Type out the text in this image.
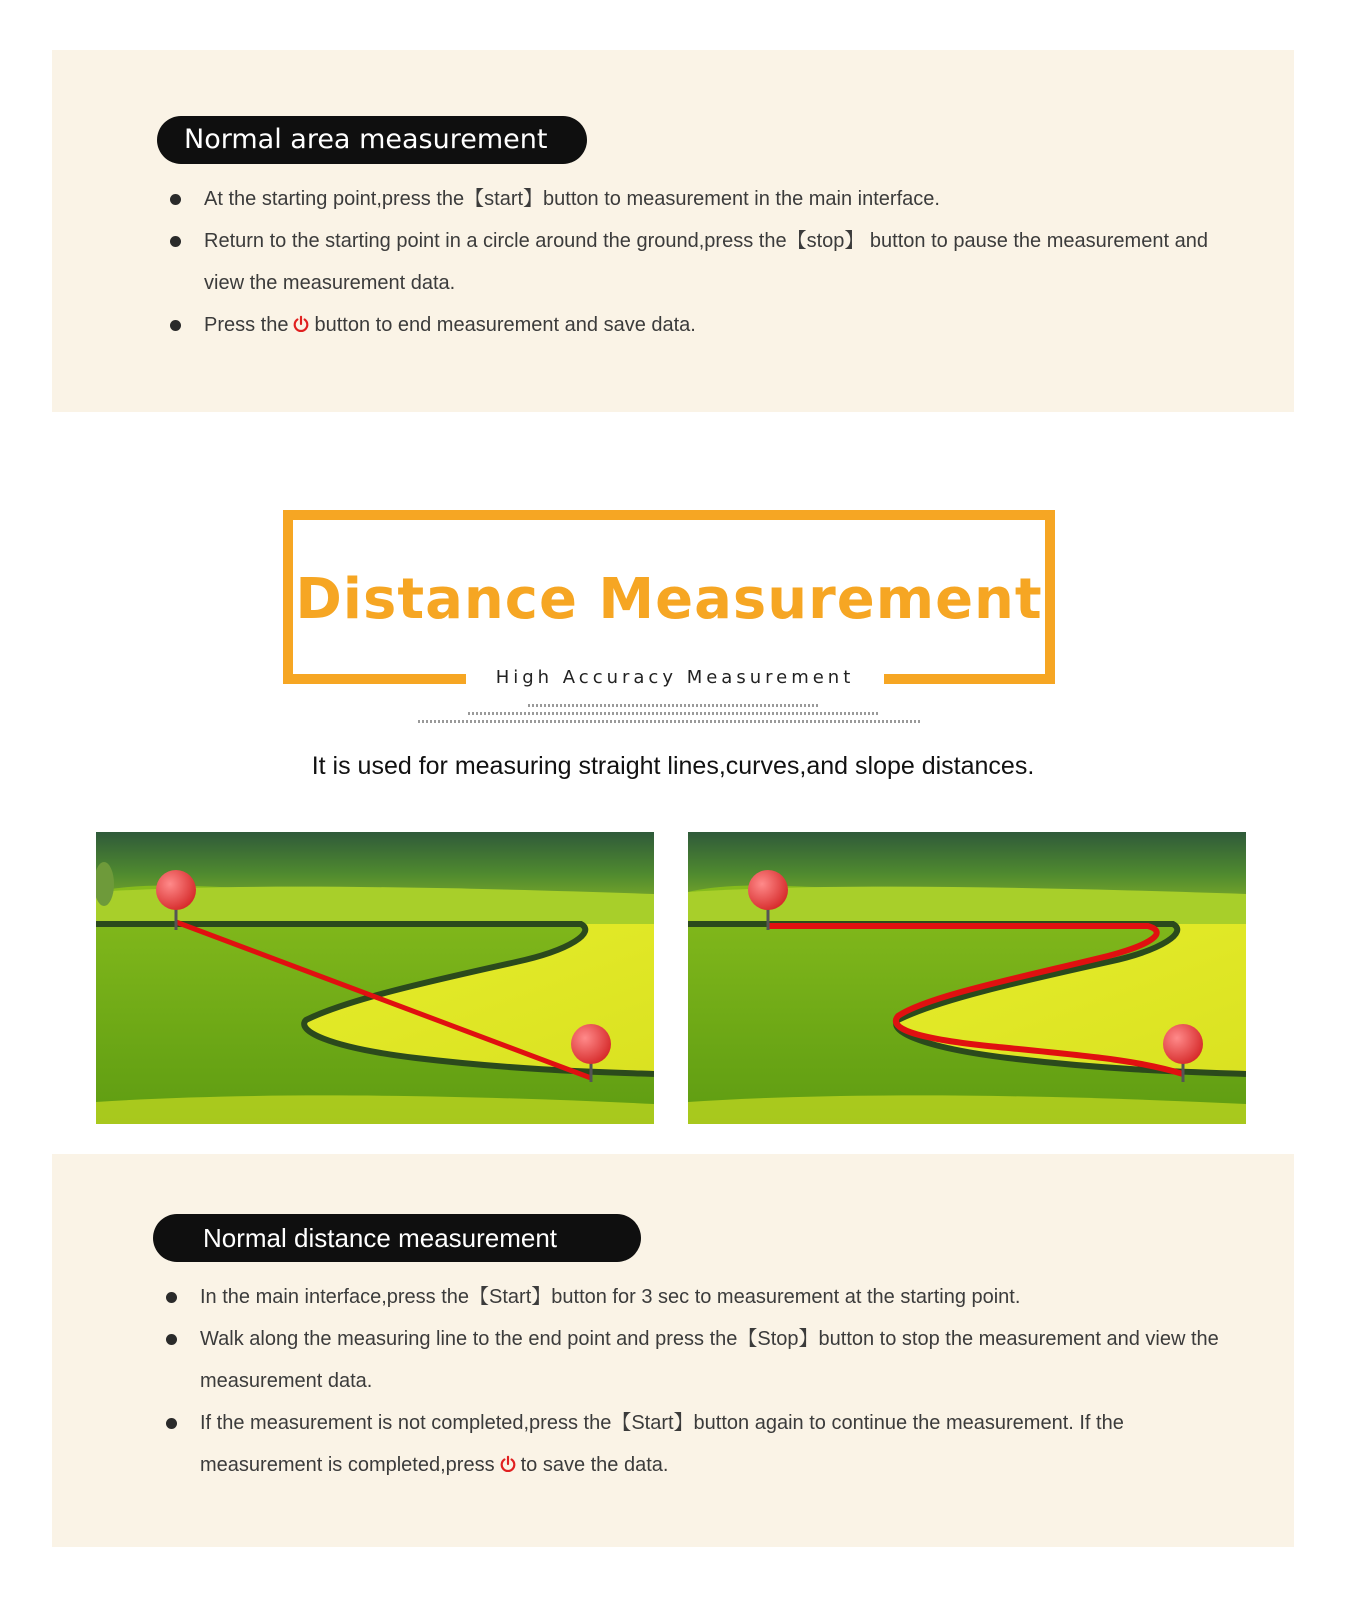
Normal area measurement
At the starting point,press the【start】button to measurement in the main interface.
Return to the starting point in a circle around the ground,press the【stop】 button to pause the measurement and view the measurement data.
Press the button to end measurement and save data.
Distance Measurement
High Accuracy Measurement
It is used for measuring straight lines,curves,and slope distances.
Normal distance measurement
In the main interface,press the【Start】button for 3 sec to measurement at the starting point.
Walk along the measuring line to the end point and press the【Stop】button to stop the measurement and view the measurement data.
If the measurement is not completed,press the【Start】button again to continue the measurement. If the measurement is completed,press to save the data.
